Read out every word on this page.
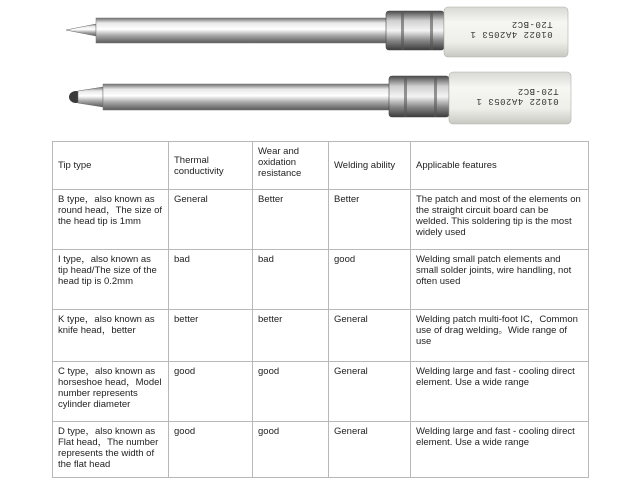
01022 4A2053 1
T20-BC2
01022 4A2053 1
T20-BC2
Tip type	Thermal conductivity	Wear and oxidation resistance	Welding ability	Applicable features
B type，also known as round head，The size of the head tip is 1mm	General	Better	Better	The patch and most of the elements on the straight circuit board can be welded. This soldering tip is the most widely used
I type，also known as tip head/The size of the head tip is 0.2mm	bad	bad	good	Welding small patch elements and small solder joints, wire handling, not often used
K type，also known as knife head，better	better	better	General	Welding patch multi-foot IC，Common use of drag welding。Wide range of use
C type，also known as horseshoe head，Model number represents cylinder diameter	good	good	General	Welding large and fast - cooling direct element. Use a wide range
D type，also known as Flat head，The number represents the width of the flat head	good	good	General	Welding large and fast - cooling direct element. Use a wide range
